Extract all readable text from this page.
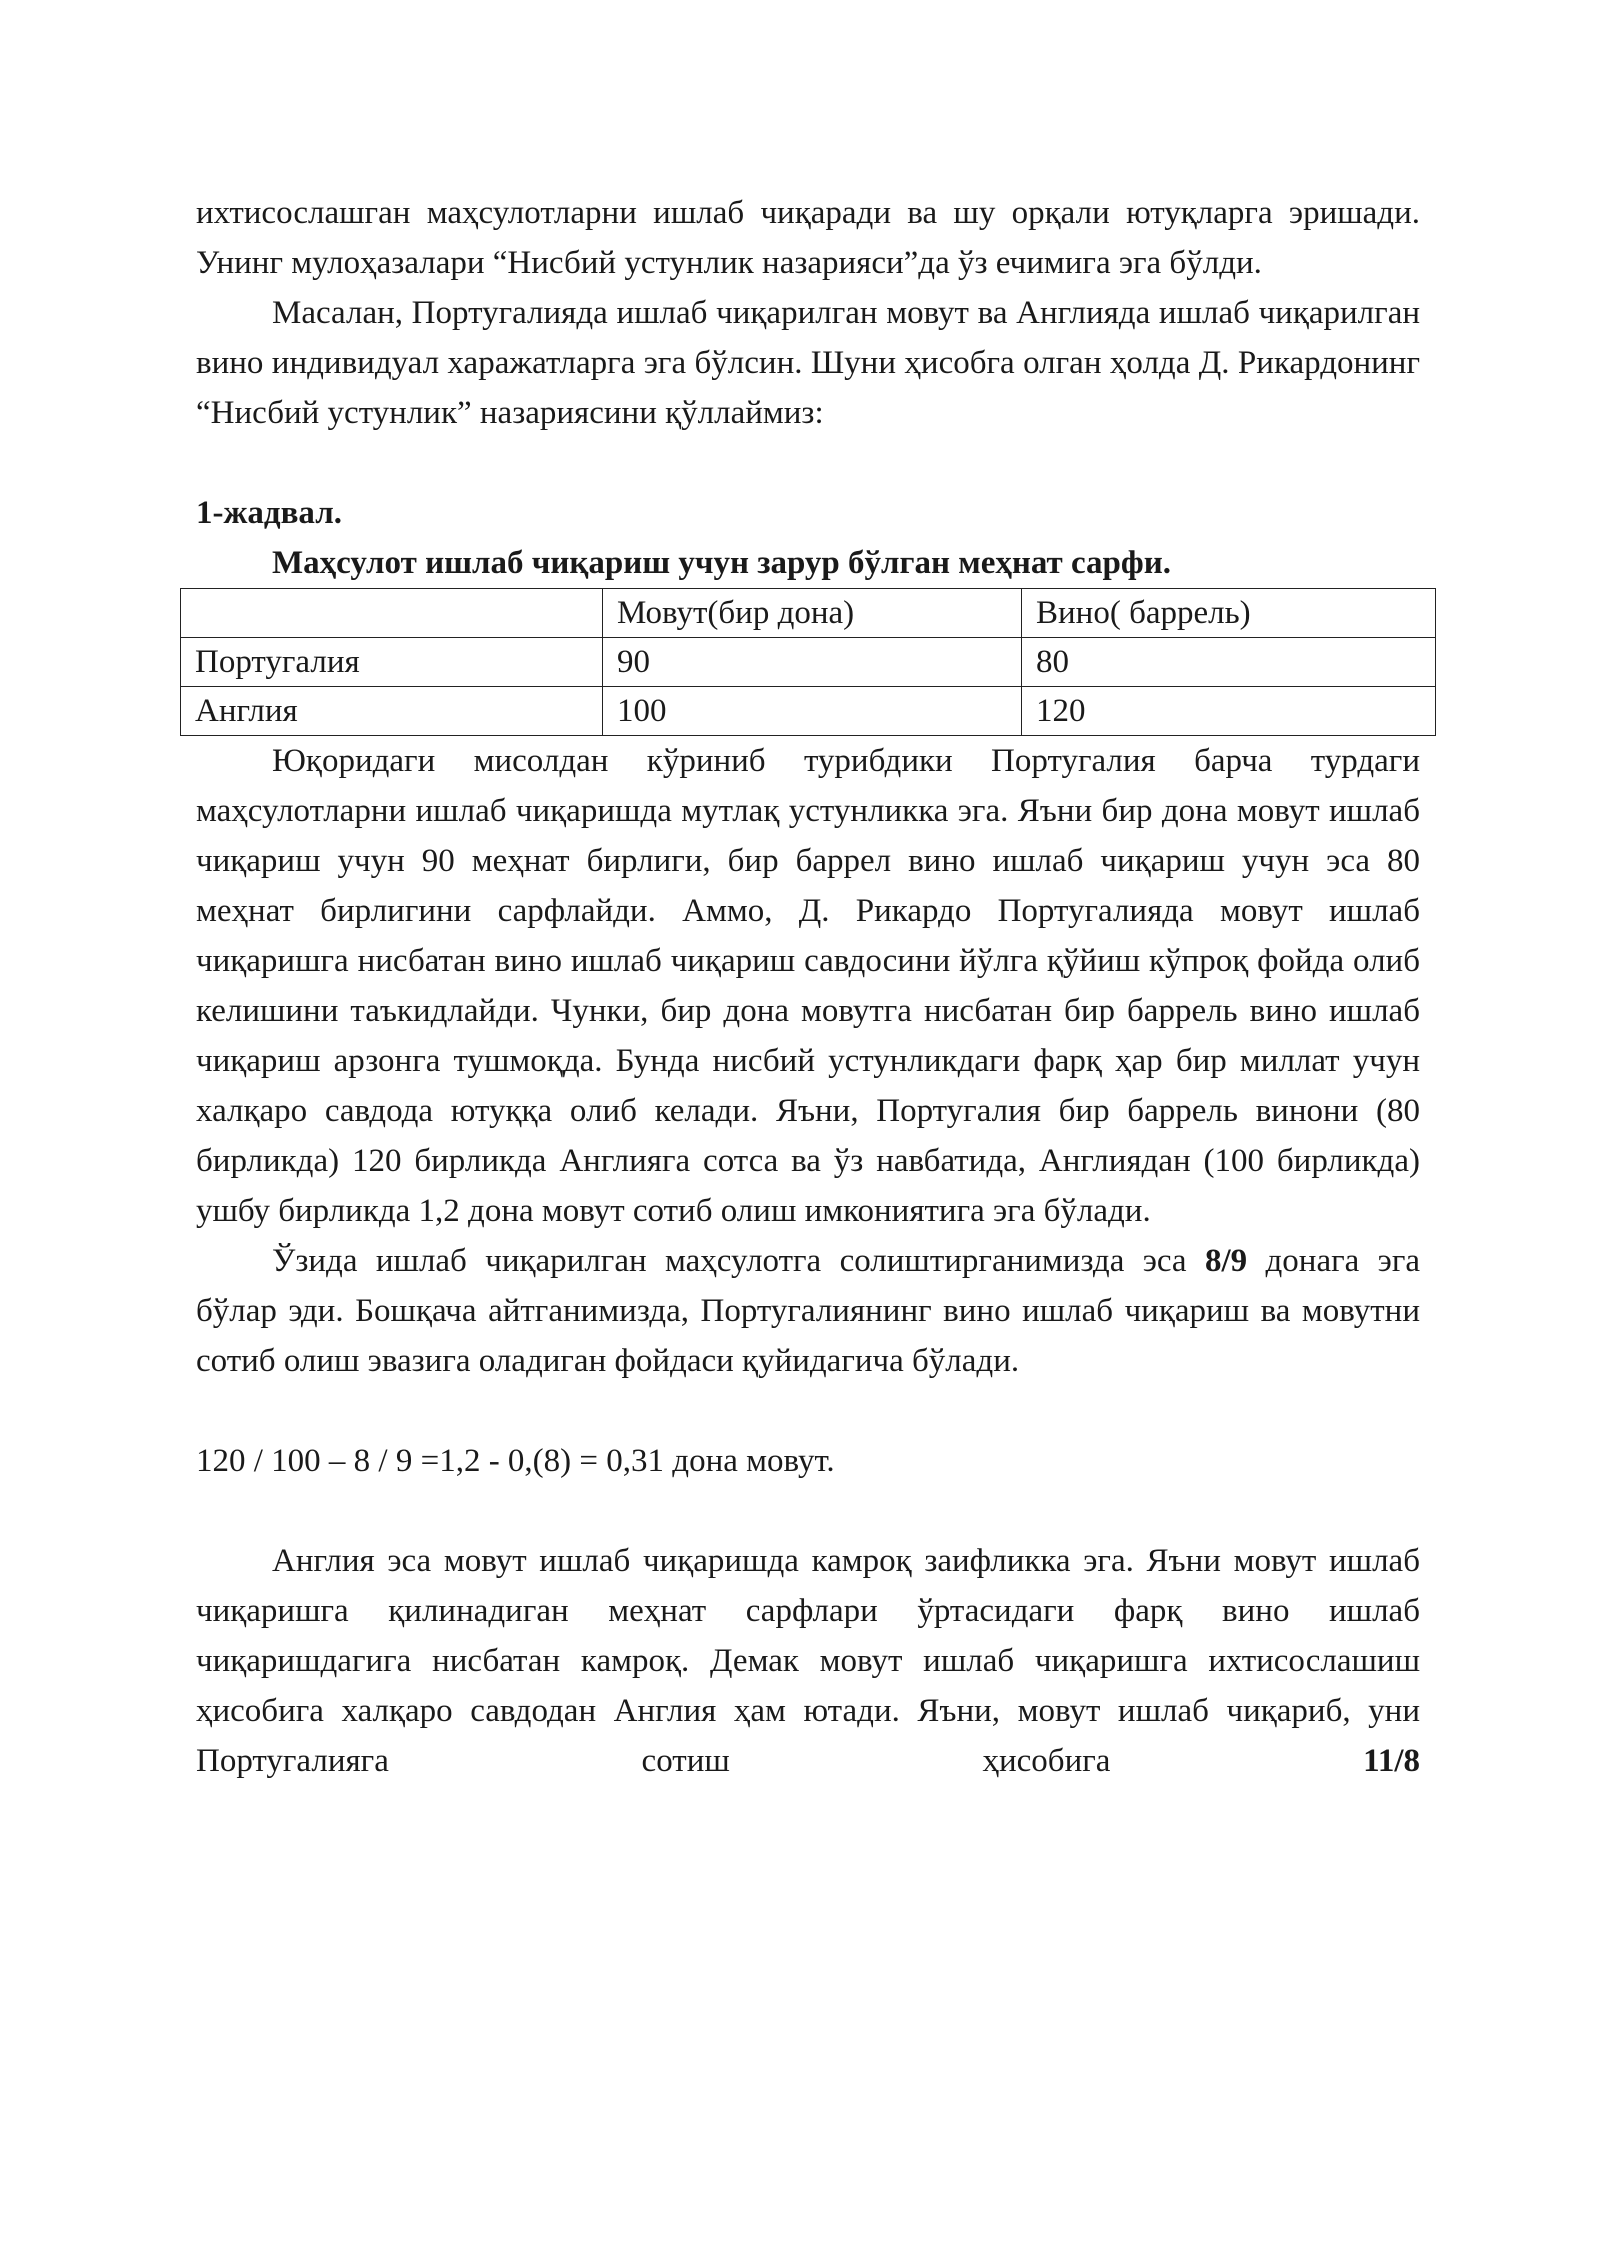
ихтисослашган маҳсулотларни ишлаб чиқаради ва шу орқали ютуқларга эришади. Унинг мулоҳазалари “Нисбий устунлик назарияси”да ўз ечимига эга бўлди.

Масалан, Португалияда ишлаб чиқарилган мовут ва Англияда ишлаб чиқарилган вино индивидуал харажатларга эга бўлсин. Шуни ҳисобга олган ҳолда Д. Рикардонинг “Нисбий устунлик” назариясини қўллаймиз:

1-жадвал.

Маҳсулот ишлаб чиқариш учун зарур бўлган меҳнат сарфи.

	Мовут(бир дона)	Вино( баррель)
Португалия	90	80
Англия	100	120

Юқоридаги мисолдан кўриниб турибдики Португалия барча турдаги маҳсулотларни ишлаб чиқаришда мутлақ устунликка эга. Яъни бир дона мовут ишлаб чиқариш учун 90 меҳнат бирлиги, бир баррел вино ишлаб чиқариш учун эса 80 меҳнат бирлигини сарфлайди. Аммо, Д. Рикардо Португалияда мовут ишлаб чиқаришга нисбатан вино ишлаб чиқариш савдосини йўлга қўйиш кўпроқ фойда олиб келишини таъкидлайди. Чунки, бир дона мовутга нисбатан бир баррель вино ишлаб чиқариш арзонга тушмоқда. Бунда нисбий устунликдаги фарқ ҳар бир миллат учун халқаро савдода ютуққа олиб келади. Яъни, Португалия бир баррель винони (80 бирликда) 120 бирликда Англияга сотса ва ўз навбатида, Англиядан (100 бирликда) ушбу бирликда 1,2 дона мовут сотиб олиш имкониятига эга бўлади.

Ўзида ишлаб чиқарилган маҳсулотга солиштирганимизда эса 8/9 донага эга бўлар эди. Бошқача айтганимизда, Португалиянинг вино ишлаб чиқариш ва мовутни сотиб олиш эвазига оладиган фойдаси қуйидагича бўлади.

120 / 100 – 8 / 9 =1,2 - 0,(8) = 0,31 дона мовут.

Англия эса мовут ишлаб чиқаришда камроқ заифликка эга. Яъни мовут ишлаб чиқаришга қилинадиган меҳнат сарфлари ўртасидаги фарқ вино ишлаб чиқаришдагига нисбатан камроқ. Демак мовут ишлаб чиқаришга ихтисослашиш ҳисобига халқаро савдодан Англия ҳам ютади. Яъни, мовут ишлаб чиқариб, уни Португалияга сотиш ҳисобига 11/8
